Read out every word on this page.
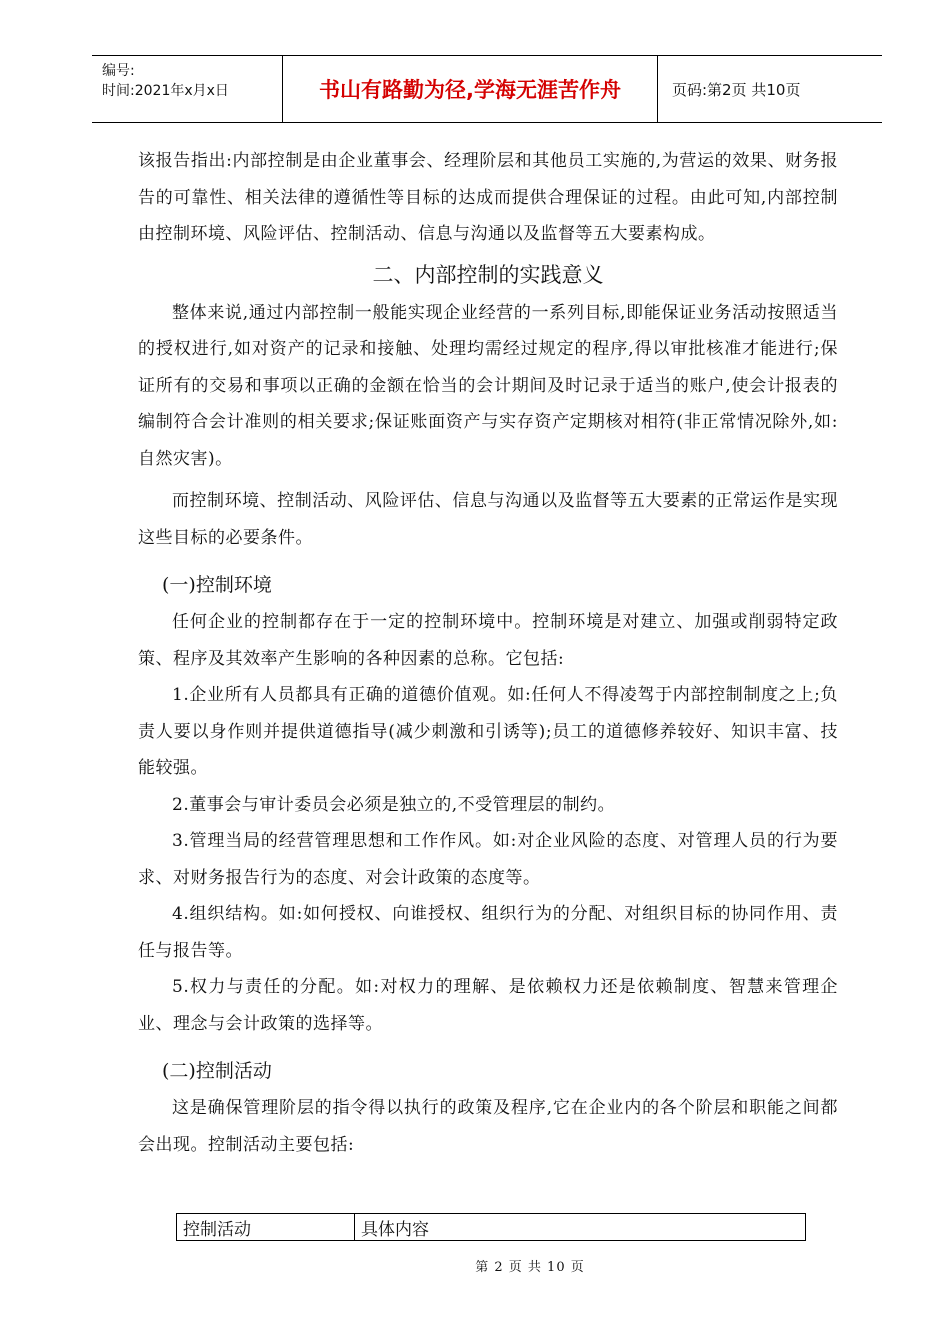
编号:
时间:2021年x月x日	书山有路勤为径,学海无涯苦作舟	页码:第2页 共10页

该报告指出:内部控制是由企业董事会、经理阶层和其他员工实施的,为营运的效果、财务报告的可靠性、相关法律的遵循性等目标的达成而提供合理保证的过程。由此可知,内部控制由控制环境、风险评估、控制活动、信息与沟通以及监督等五大要素构成。

二、内部控制的实践意义

整体来说,通过内部控制一般能实现企业经营的一系列目标,即能保证业务活动按照适当的授权进行,如对资产的记录和接触、处理均需经过规定的程序,得以审批核准才能进行;保证所有的交易和事项以正确的金额在恰当的会计期间及时记录于适当的账户,使会计报表的编制符合会计准则的相关要求;保证账面资产与实存资产定期核对相符(非正常情况除外,如:自然灾害)。

而控制环境、控制活动、风险评估、信息与沟通以及监督等五大要素的正常运作是实现这些目标的必要条件。

(一)控制环境

任何企业的控制都存在于一定的控制环境中。控制环境是对建立、加强或削弱特定政策、程序及其效率产生影响的各种因素的总称。它包括:

1.企业所有人员都具有正确的道德价值观。如:任何人不得凌驾于内部控制制度之上;负责人要以身作则并提供道德指导(减少刺激和引诱等);员工的道德修养较好、知识丰富、技能较强。

2.董事会与审计委员会必须是独立的,不受管理层的制约。

3.管理当局的经营管理思想和工作作风。如:对企业风险的态度、对管理人员的行为要求、对财务报告行为的态度、对会计政策的态度等。

4.组织结构。如:如何授权、向谁授权、组织行为的分配、对组织目标的协同作用、责任与报告等。

5.权力与责任的分配。如:对权力的理解、是依赖权力还是依赖制度、智慧来管理企业、理念与会计政策的选择等。

(二)控制活动

这是确保管理阶层的指令得以执行的政策及程序,它在企业内的各个阶层和职能之间都会出现。控制活动主要包括:

控制活动	具体内容
第 2 页 共 10 页
